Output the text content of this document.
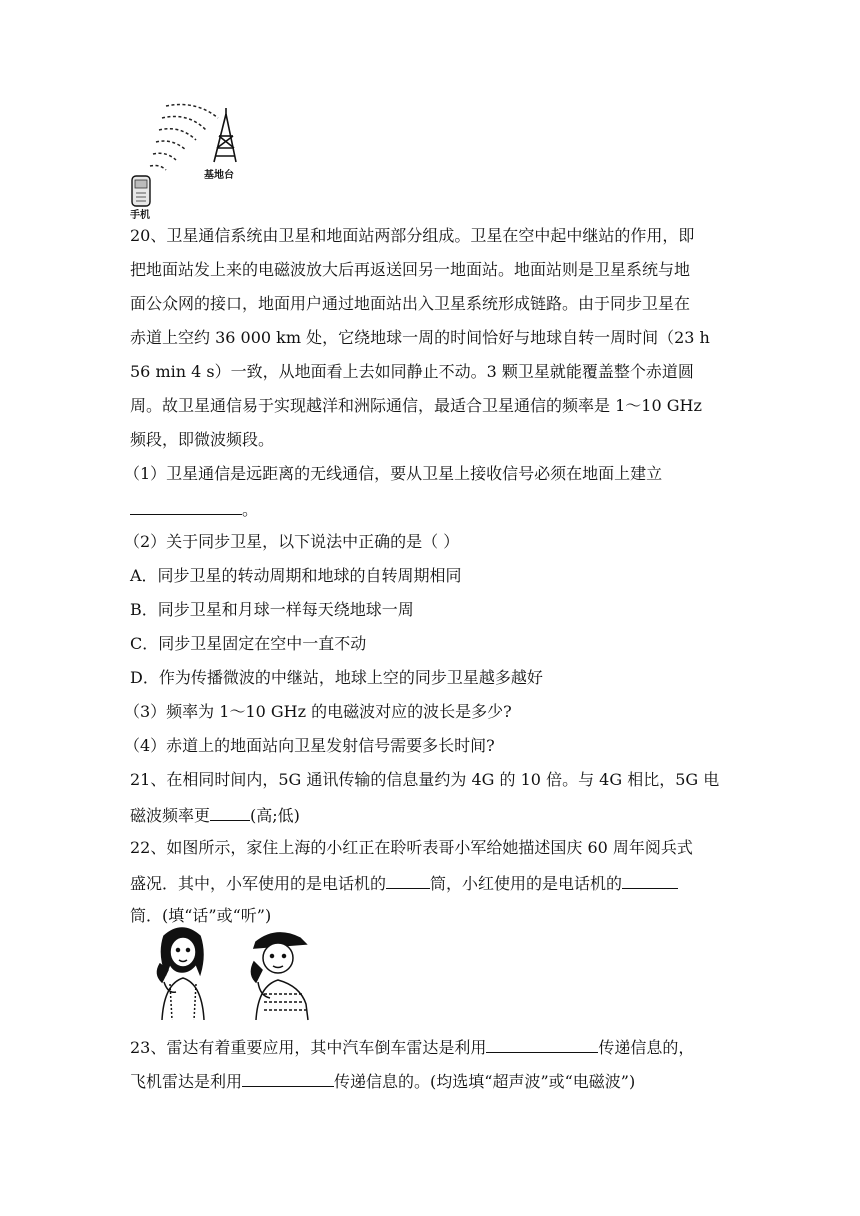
基地台
手机
20、卫星通信系统由卫星和地面站两部分组成。卫星在空中起中继站的作用，即
把地面站发上来的电磁波放大后再返送回另一地面站。地面站则是卫星系统与地
面公众网的接口，地面用户通过地面站出入卫星系统形成链路。由于同步卫星在
赤道上空约 36 000 km 处，它绕地球一周的时间恰好与地球自转一周时间（23 h
56 min 4 s）一致，从地面看上去如同静止不动。3 颗卫星就能覆盖整个赤道圆
周。故卫星通信易于实现越洋和洲际通信，最适合卫星通信的频率是 1～10 GHz
频段，即微波频段。
（1）卫星通信是远距离的无线通信，要从卫星上接收信号必须在地面上建立
。
（2）关于同步卫星，以下说法中正确的是（ ）
A．同步卫星的转动周期和地球的自转周期相同
B．同步卫星和月球一样每天绕地球一周
C．同步卫星固定在空中一直不动
D．作为传播微波的中继站，地球上空的同步卫星越多越好
（3）频率为 1～10 GHz 的电磁波对应的波长是多少?
（4）赤道上的地面站向卫星发射信号需要多长时间?
21、在相同时间内，5G 通讯传输的信息量约为 4G 的 10 倍。与 4G 相比，5G 电
磁波频率更	(高;低)
22、如图所示，家住上海的小红正在聆听表哥小军给她描述国庆 60 周年阅兵式
盛况．其中，小军使用的是电话机的	筒，小红使用的是电话机的
筒．(填“话”或“听”)
23、雷达有着重要应用，其中汽车倒车雷达是利用	传递信息的，
飞机雷达是利用	传递信息的。(均选填“超声波”或“电磁波”)
